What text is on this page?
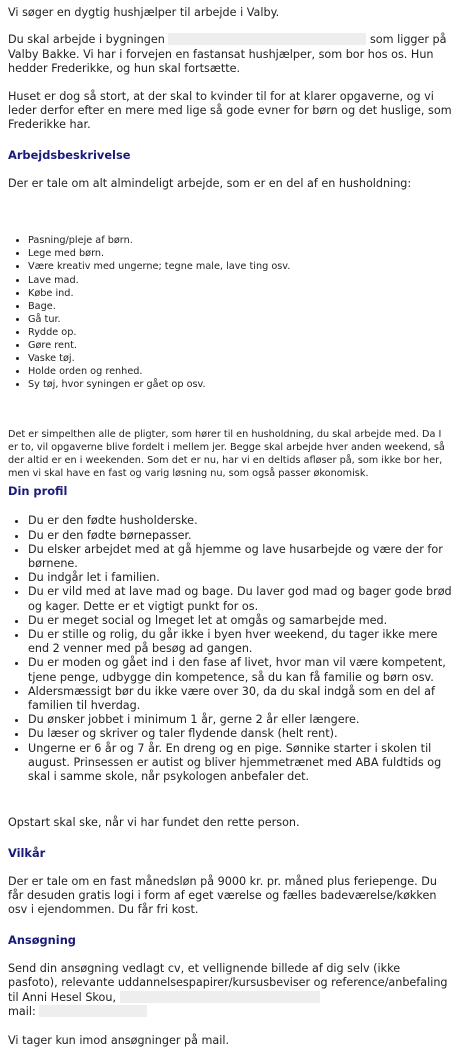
Vi søger en dygtig hushjælper til arbejde i Valby.

Du skal arbejde i bygningen	som ligger på Valby Bakke. Vi har i forvejen en fastansat hushjælper, som bor hos os. Hun hedder Frederikke, og hun skal fortsætte.

Huset er dog så stort, at der skal to kvinder til for at klarer opgaverne, og vi leder derfor efter en mere med lige så gode evner for børn og det huslige, som Frederikke har.

Arbejdsbeskrivelse

Der er tale om alt almindeligt arbejde, som er en del af en husholdning:

• Pasning/pleje af børn.
• Lege med børn.
• Være kreativ med ungerne; tegne male, lave ting osv.
• Lave mad.
• Købe ind.
• Bage.
• Gå tur.
• Rydde op.
• Gøre rent.
• Vaske tøj.
• Holde orden og renhed.
• Sy tøj, hvor syningen er gået op osv.

Det er simpelthen alle de pligter, som hører til en husholdning, du skal arbejde med. Da I er to, vil opgaverne blive fordelt i mellem jer. Begge skal arbejde hver anden weekend, så der altid er en i weekenden. Som det er nu, har vi en deltids afløser på, som ikke bor her, men vi skal have en fast og varig løsning nu, som også passer økonomisk.

Din profil
• Du er den fødte husholderske.
• Du er den fødte børnepasser.
• Du elsker arbejdet med at gå hjemme og lave husarbejde og være der for børnene.
• Du indgår let i familien.
• Du er vild med at lave mad og bage. Du laver god mad og bager gode brød og kager. Dette er et vigtigt punkt for os.
• Du er meget social og lmeget let at omgås og samarbejde med.
• Du er stille og rolig, du går ikke i byen hver weekend, du tager ikke mere end 2 venner med på besøg ad gangen.
• Du er moden og gået ind i den fase af livet, hvor man vil være kompetent, tjene penge, udbygge din kompetence, så du kan få familie og børn osv.
• Aldersmæssigt bør du ikke være over 30, da du skal indgå som en del af familien til hverdag.
• Du ønsker jobbet i minimum 1 år, gerne 2 år eller længere.
• Du læser og skriver og taler flydende dansk (helt rent).
• Ungerne er 6 år og 7 år. En dreng og en pige. Sønnike starter i skolen til august. Prinsessen er autist og bliver hjemmetrænet med ABA fuldtids og skal i samme skole, når psykologen anbefaler det.

Opstart skal ske, når vi har fundet den rette person.

Vilkår

Der er tale om en fast månedsløn på 9000 kr. pr. måned plus feriepenge. Du får desuden gratis logi i form af eget værelse og fælles badeværelse/køkken osv i ejendommen. Du får fri kost.

Ansøgning

Send din ansøgning vedlagt cv, et vellignende billede af dig selv (ikke pasfoto), relevante uddannelsespapirer/kursusbeviser og reference/anbefaling til Anni Hesel Skou,
mail:

Vi tager kun imod ansøgninger på mail.
